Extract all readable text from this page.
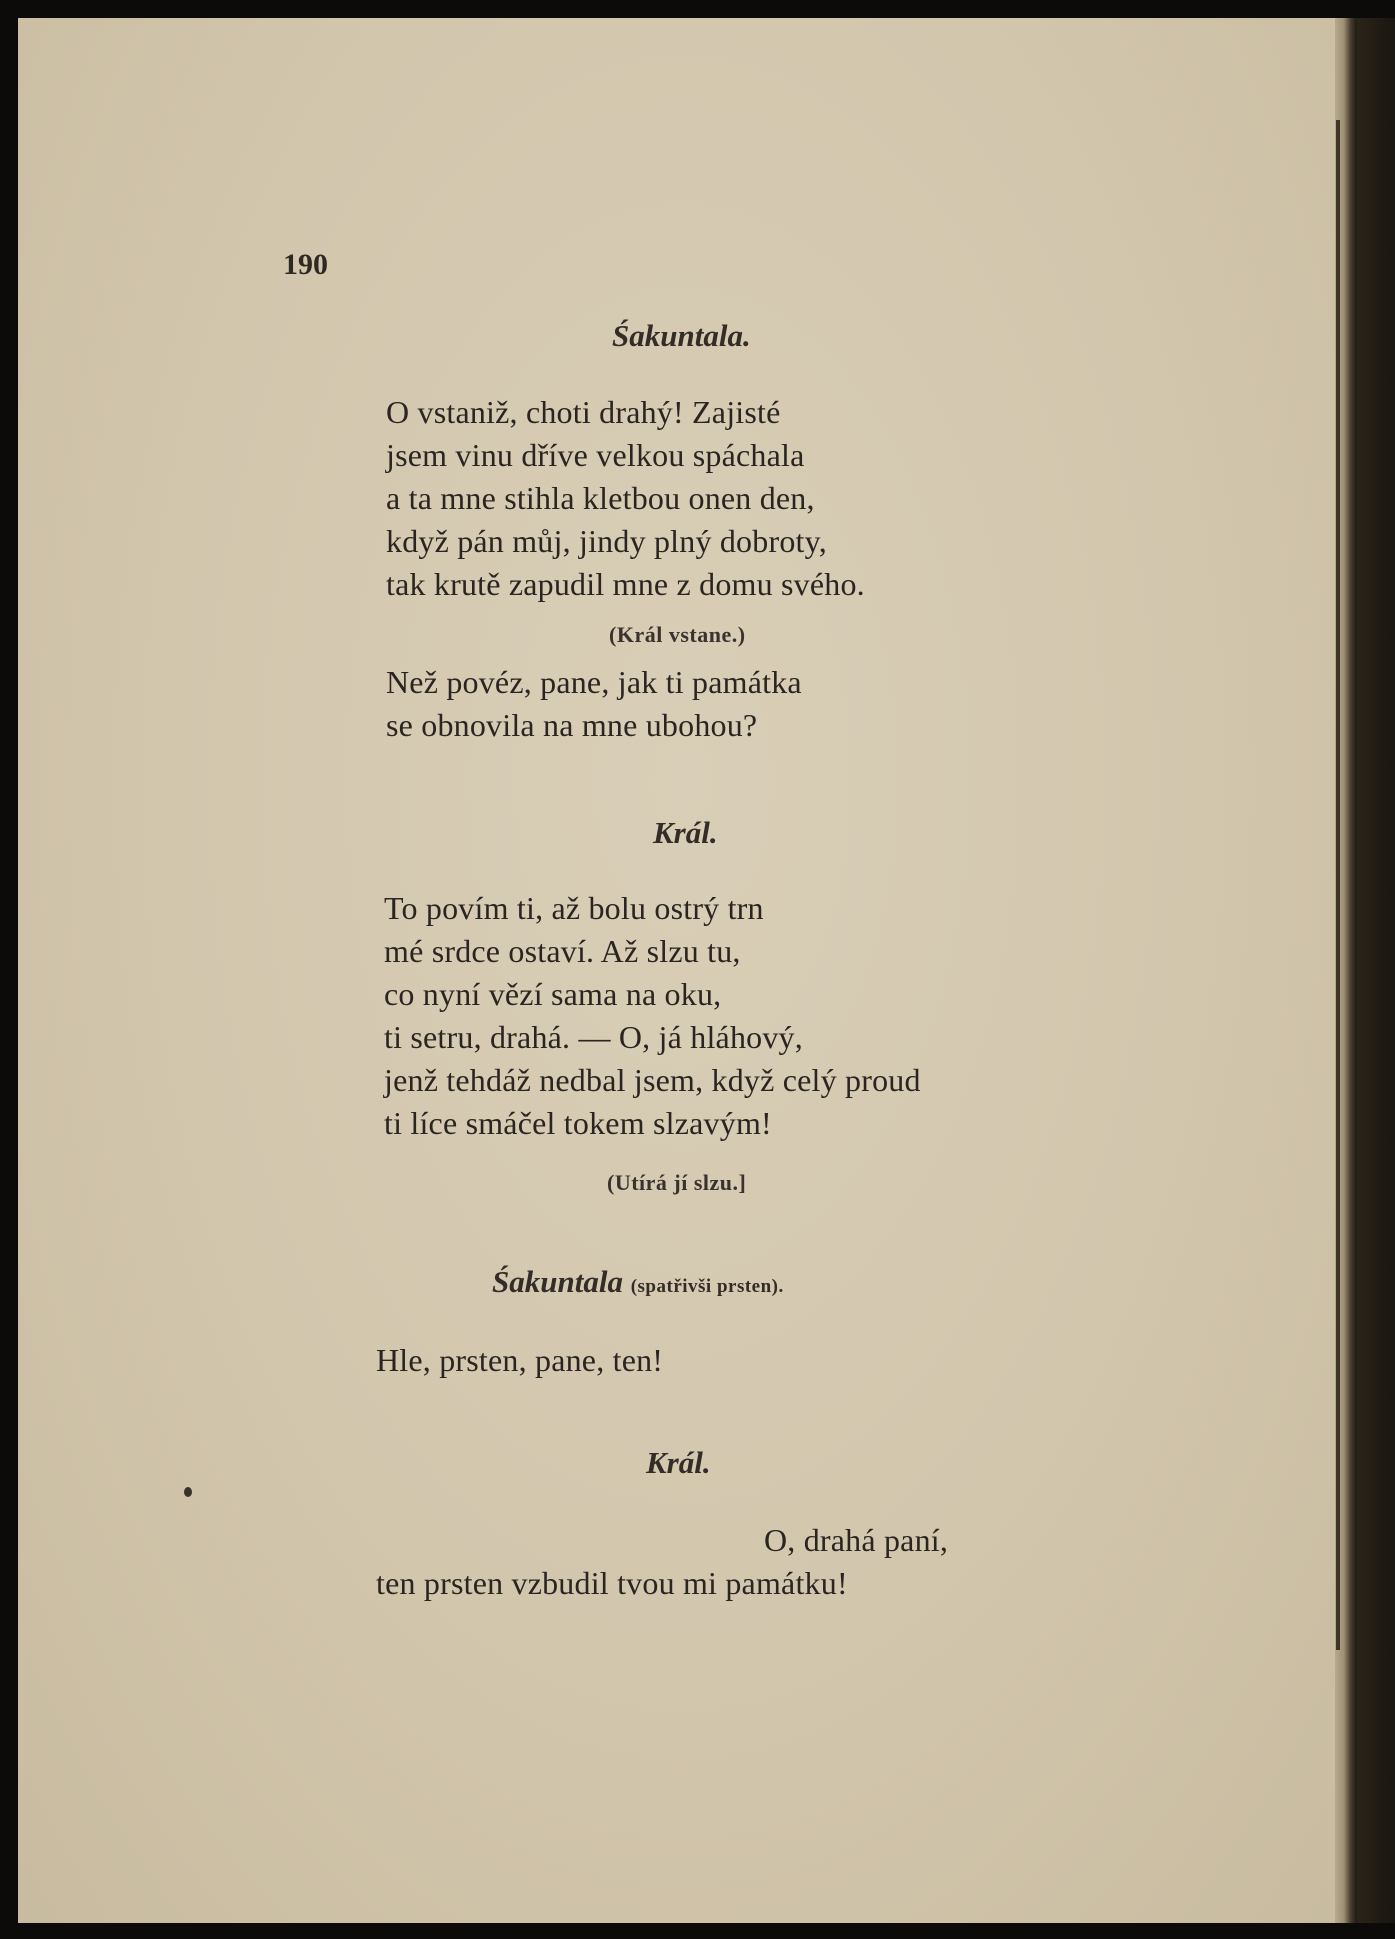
190

Śakuntala.

O vstaniž, choti drahý! Zajisté

jsem vinu dříve velkou spáchala

a ta mne stihla kletbou onen den,

když pán můj, jindy plný dobroty,

tak krutě zapudil mne z domu svého.

(Král vstane.)

Než povéz, pane, jak ti památka

se obnovila na mne ubohou?

Král.

To povím ti, až bolu ostrý trn

mé srdce ostaví. Až slzu tu,

co nyní vězí sama na oku,

ti setru, drahá. — O, já hláhový,

jenž tehdáž nedbal jsem, když celý proud

ti líce smáčel tokem slzavým!

(Utírá jí slzu.]

Śakuntala (spatřivši prsten).

Hle, prsten, pane, ten!

Král.

O, drahá paní,

ten prsten vzbudil tvou mi památku!
